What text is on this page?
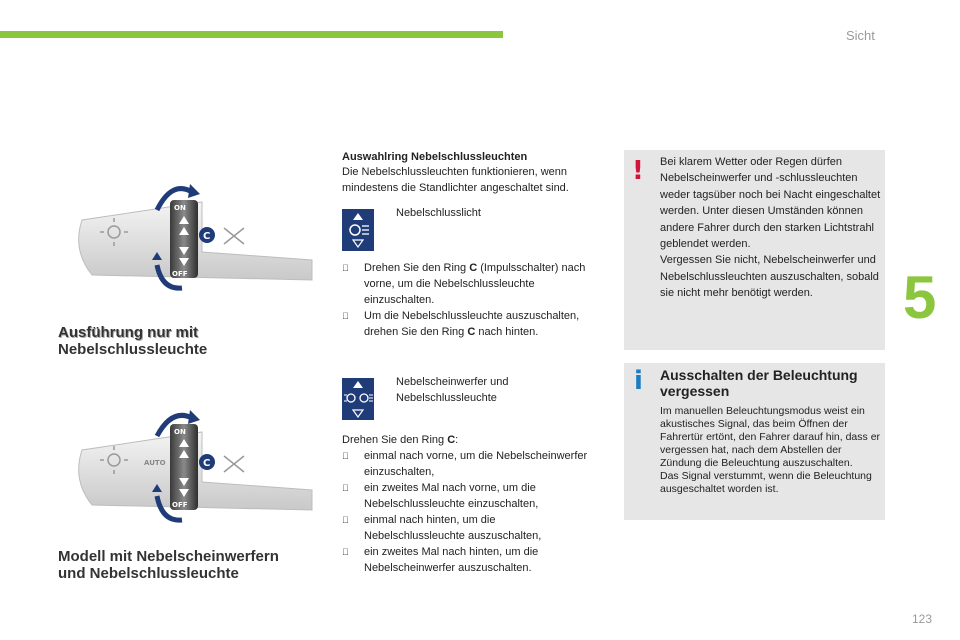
Sicht
5
123
ON
OFF
C
Ausführung nur mit
Nebelschlussleuchte
ON
OFF
AUTO	C
Modell mit Nebelscheinwerfern
und Nebelschlussleuchte
Auswahlring Nebelschlussleuchten
Die Nebelschlussleuchten funktionieren, wenn mindestens die Standlichter angeschaltet sind.
Nebelschlusslicht
Drehen Sie den Ring C (Impulsschalter) nach vorne, um die Nebelschlussleuchte einzuschalten.
Um die Nebelschlussleuchte auszuschalten, drehen Sie den Ring C nach hinten.
Nebelscheinwerfer und Nebelschlussleuchte
Drehen Sie den Ring C:
einmal nach vorne, um die Nebelscheinwerfer einzuschalten,
ein zweites Mal nach vorne, um die Nebelschlussleuchte einzuschalten,
einmal nach hinten, um die Nebelschlussleuchte auszuschalten,
ein zweites Mal nach hinten, um die Nebelscheinwerfer auszuschalten.
! Bei klarem Wetter oder Regen dürfen Nebelscheinwerfer und -schlussleuchten weder tagsüber noch bei Nacht eingeschaltet werden. Unter diesen Umständen können andere Fahrer durch den starken Lichtstrahl geblendet werden.
Vergessen Sie nicht, Nebelscheinwerfer und Nebelschlussleuchten auszuschalten, sobald sie nicht mehr benötigt werden.
i Ausschalten der Beleuchtung vergessen
Im manuellen Beleuchtungsmodus weist ein akustisches Signal, das beim Öffnen der Fahrertür ertönt, den Fahrer darauf hin, dass er vergessen hat, nach dem Abstellen der Zündung die Beleuchtung auszuschalten.
Das Signal verstummt, wenn die Beleuchtung ausgeschaltet worden ist.
